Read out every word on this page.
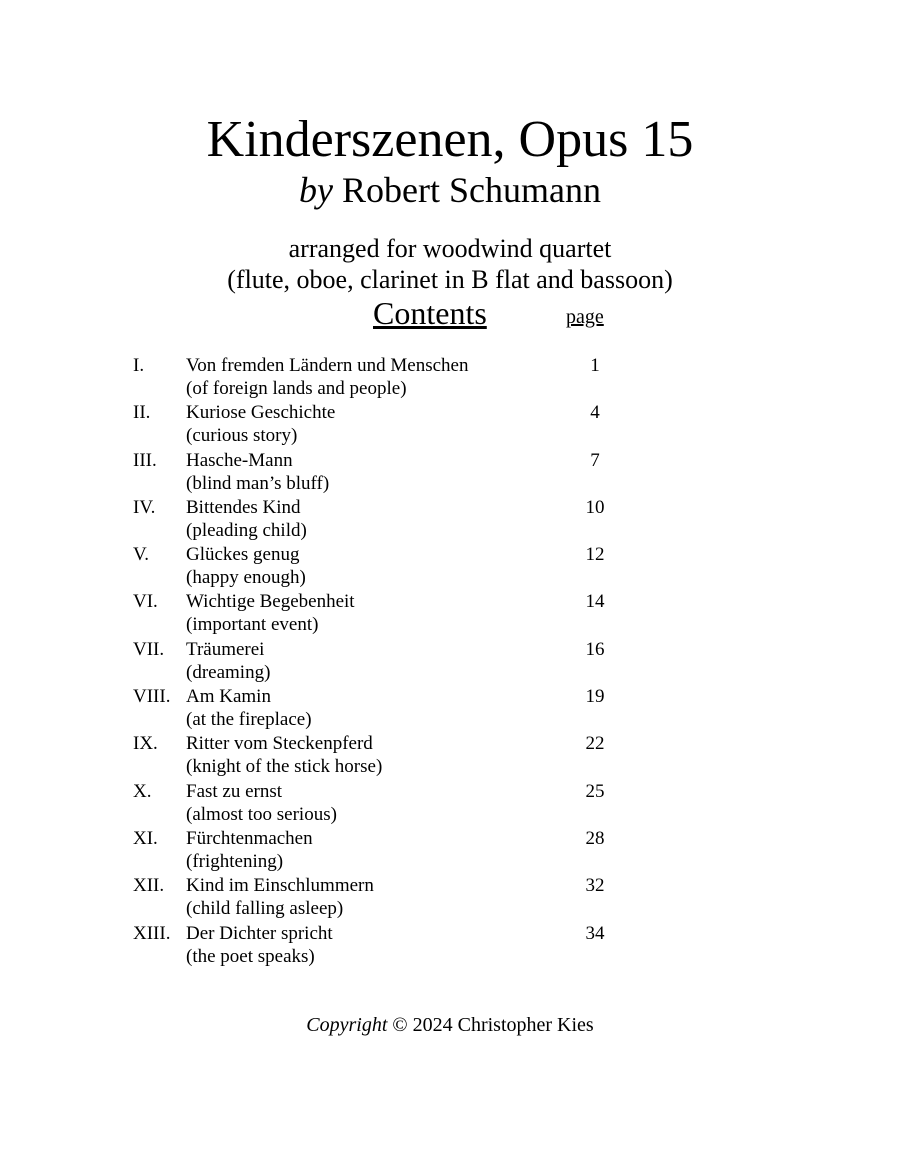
Kinderszenen, Opus 15
by Robert Schumann
arranged for woodwind quartet
(flute, oboe, clarinet in B flat and bassoon)
Contents	page
I. Von fremden Ländern und Menschen
(of foreign lands and people)
1
II. Kuriose Geschichte
(curious story)
4
III. Hasche-Mann
(blind man’s bluff)
7
IV. Bittendes Kind
(pleading child)
10
V. Glückes genug
(happy enough)
12
VI. Wichtige Begebenheit
(important event)
14
VII. Träumerei
(dreaming)
16
VIII. Am Kamin
(at the fireplace)
19
IX. Ritter vom Steckenpferd
(knight of the stick horse)
22
X. Fast zu ernst
(almost too serious)
25
XI. Fürchtenmachen
(frightening)
28
XII. Kind im Einschlummern
(child falling asleep)
32
XIII. Der Dichter spricht
(the poet speaks)
34
Copyright © 2024 Christopher Kies
